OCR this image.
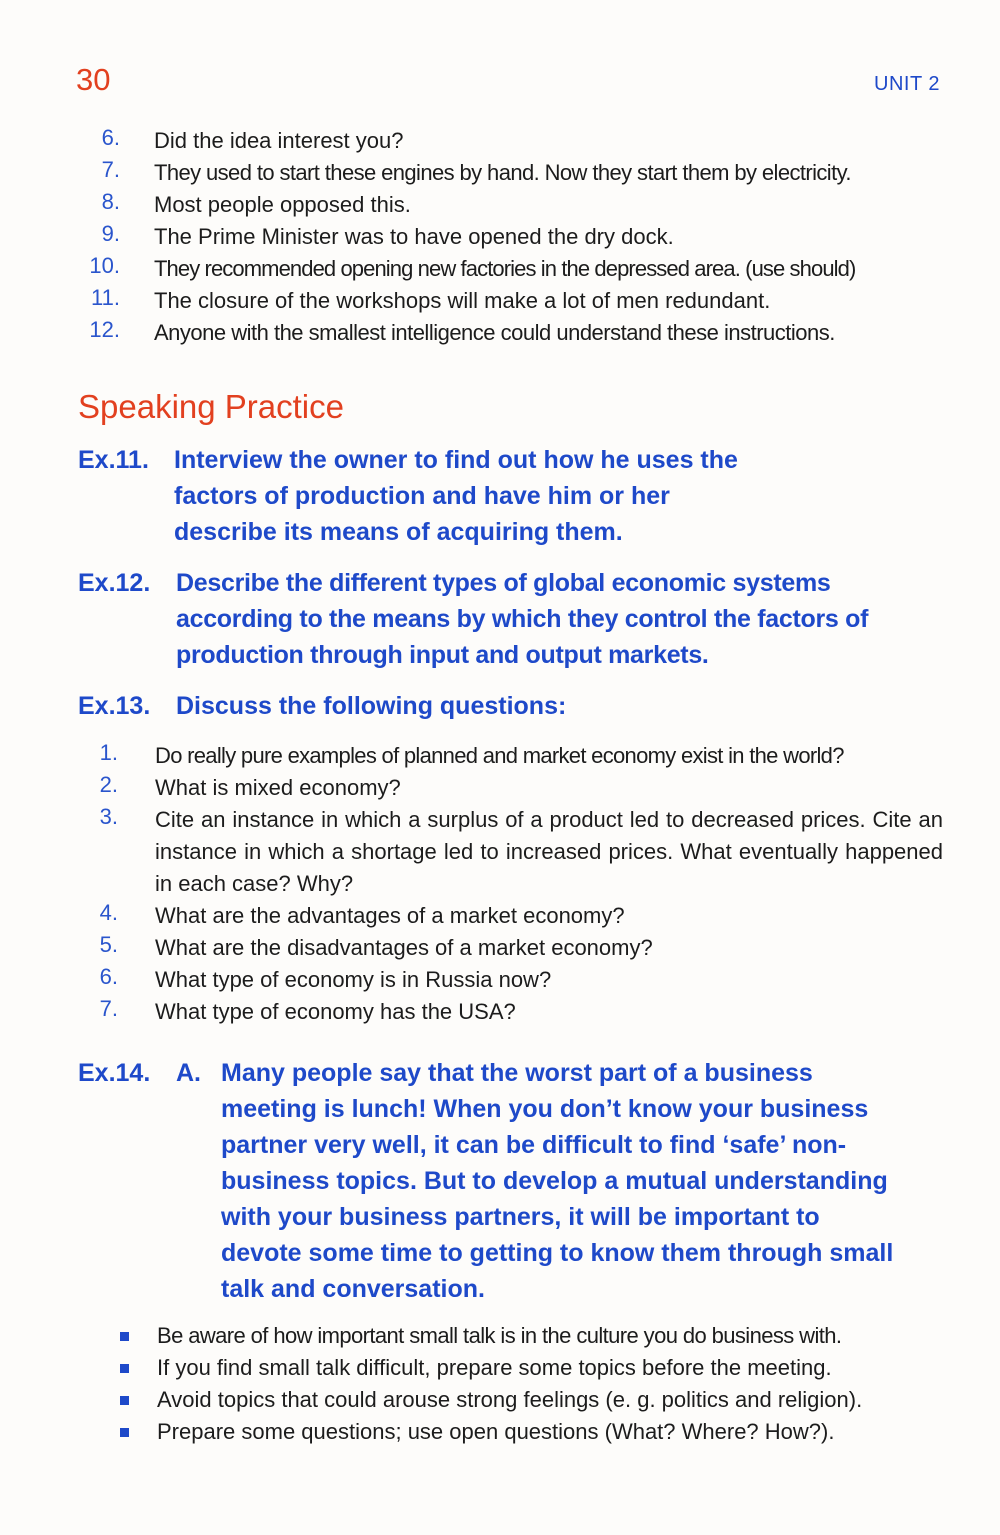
30	UNIT 2
6. Did the idea interest you?
7. They used to start these engines by hand. Now they start them by electricity.
8. Most people opposed this.
9. The Prime Minister was to have opened the dry dock.
10. They recommended opening new factories in the depressed area. (use should)
11. The closure of the workshops will make a lot of men redundant.
12. Anyone with the smallest intelligence could understand these instructions.
Speaking Practice
Ex.11. Interview the owner to find out how he uses the factors of production and have him or her describe its means of acquiring them.
Ex.12. Describe the different types of global economic systems according to the means by which they control the factors of production through input and output markets.
Ex.13. Discuss the following questions:
1. Do really pure examples of planned and market economy exist in the world?
2. What is mixed economy?
3. Cite an instance in which a surplus of a product led to decreased prices. Cite an instance in which a shortage led to increased prices. What eventually happened in each case? Why?
4. What are the advantages of a market economy?
5. What are the disadvantages of a market economy?
6. What type of economy is in Russia now?
7. What type of economy has the USA?
Ex.14. A. Many people say that the worst part of a business meeting is lunch! When you don’t know your business partner very well, it can be difficult to find ‘safe’ non-business topics. But to develop a mutual understanding with your business partners, it will be important to devote some time to getting to know them through small talk and conversation.
Be aware of how important small talk is in the culture you do business with.
If you find small talk difficult, prepare some topics before the meeting.
Avoid topics that could arouse strong feelings (e. g. politics and religion).
Prepare some questions; use open questions (What? Where? How?).
